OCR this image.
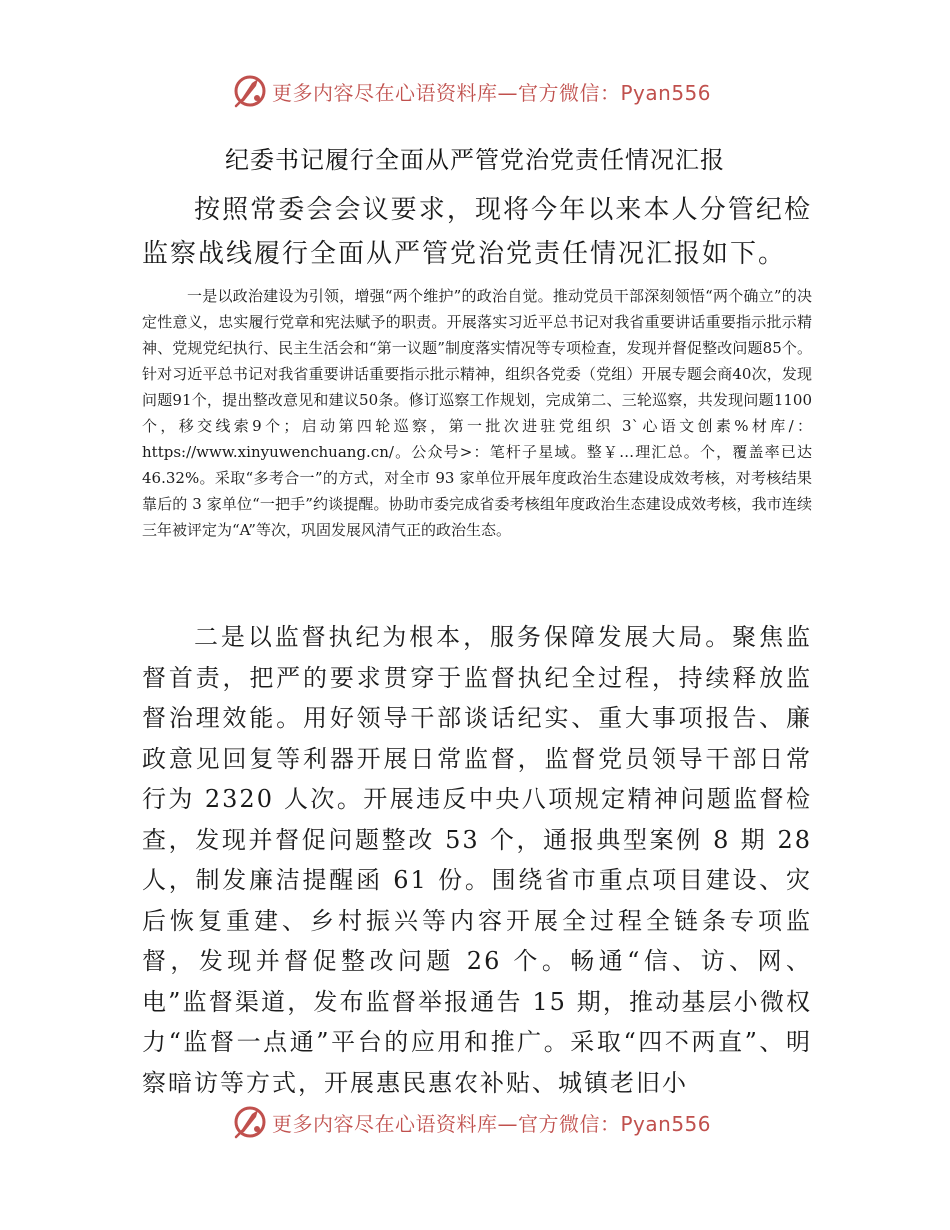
更多内容尽在心语资料库—官方微信：Pyan556
纪委书记履行全面从严管党治党责任情况汇报

按照常委会会议要求，现将今年以来本人分管纪检监察战线履行全面从严管党治党责任情况汇报如下。

一是以政治建设为引领，增强“两个维护”的政治自觉。推动党员干部深刻领悟“两个确立”的决定性意义，忠实履行党章和宪法赋予的职责。开展落实习近平总书记对我省重要讲话重要指示批示精神、党规党纪执行、民主生活会和“第一议题”制度落实情况等专项检查，发现并督促整改问题85个。针对习近平总书记对我省重要讲话重要指示批示精神，组织各党委（党组）开展专题会商40次，发现问题91个，提出整改意见和建议50条。修订巡察工作规划，完成第二、三轮巡察，共发现问题1100个，移交线索9个；启动第四轮巡察，第一批次进驻党组织 3`心语文创素%材库/：https://www.xinyuwenchuang.cn/。公众号>：笔杆子星域。整￥…理汇总。个，覆盖率已达 46.32%。采取“多考合一”的方式，对全市 93 家单位开展年度政治生态建设成效考核，对考核结果靠后的 3 家单位“一把手”约谈提醒。协助市委完成省委考核组年度政治生态建设成效考核，我市连续三年被评定为“A”等次，巩固发展风清气正的政治生态。

二是以监督执纪为根本，服务保障发展大局。聚焦监督首责，把严的要求贯穿于监督执纪全过程，持续释放监督治理效能。用好领导干部谈话纪实、重大事项报告、廉政意见回复等利器开展日常监督，监督党员领导干部日常行为 2320 人次。开展违反中央八项规定精神问题监督检查，发现并督促问题整改 53 个，通报典型案例 8 期 28 人，制发廉洁提醒函 61 份。围绕省市重点项目建设、灾后恢复重建、乡村振兴等内容开展全过程全链条专项监督，发现并督促整改问题 26 个。畅通“信、访、网、电”监督渠道，发布监督举报通告 15 期，推动基层小微权力“监督一点通”平台的应用和推广。采取“四不两直”、明察暗访等方式，开展惠民惠农补贴、城镇老旧小

更多内容尽在心语资料库—官方微信：Pyan556
